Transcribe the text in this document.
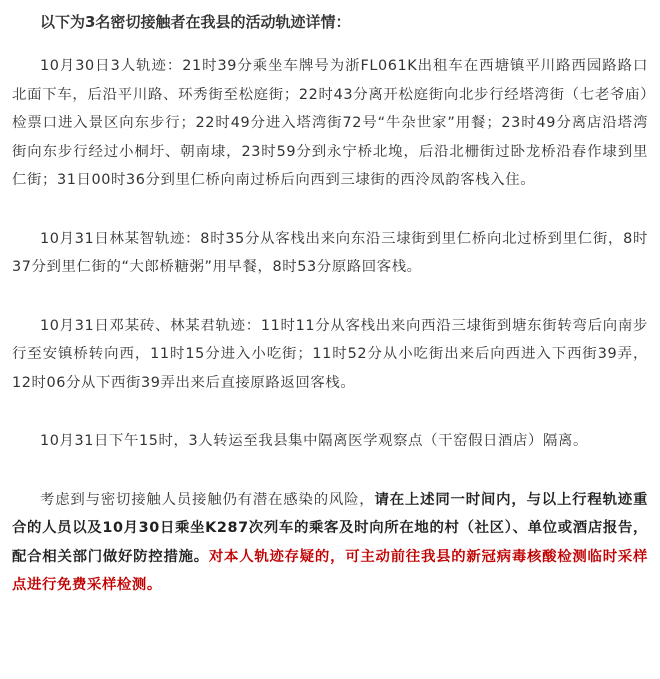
以下为3名密切接触者在我县的活动轨迹详情：

10月30日3人轨迹：21时39分乘坐车牌号为浙FL061K出租车在西塘镇平川路西园路路口北面下车，后沿平川路、环秀街至松庭街；22时43分离开松庭街向北步行经塔湾街（七老爷庙）检票口进入景区向东步行；22时49分进入塔湾街72号“牛杂世家”用餐；23时49分离店沿塔湾街向东步行经过小桐圩、朝南埭，23时59分到永宁桥北堍，后沿北栅街过卧龙桥沿春作埭到里仁街；31日00时36分到里仁桥向南过桥后向西到三埭街的西泠凤韵客栈入住。

10月31日林某智轨迹：8时35分从客栈出来向东沿三埭街到里仁桥向北过桥到里仁街，8时37分到里仁街的“大郎桥糖粥”用早餐，8时53分原路回客栈。

10月31日邓某砖、林某君轨迹：11时11分从客栈出来向西沿三埭街到塘东街转弯后向南步行至安镇桥转向西，11时15分进入小吃街；11时52分从小吃街出来后向西进入下西街39弄，12时06分从下西街39弄出来后直接原路返回客栈。

10月31日下午15时，3人转运至我县集中隔离医学观察点（干窑假日酒店）隔离。

考虑到与密切接触人员接触仍有潜在感染的风险，请在上述同一时间内，与以上行程轨迹重合的人员以及10月30日乘坐K287次列车的乘客及时向所在地的村（社区）、单位或酒店报告，配合相关部门做好防控措施。对本人轨迹存疑的，可主动前往我县的新冠病毒核酸检测临时采样点进行免费采样检测。
